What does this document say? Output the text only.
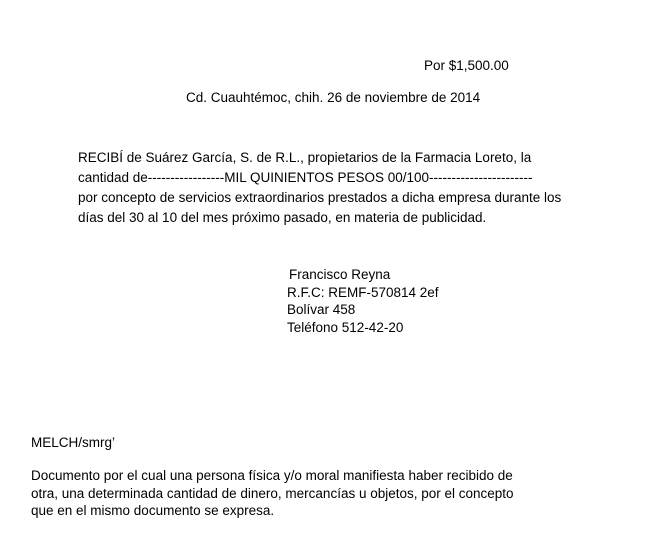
Por $1,500.00
Cd. Cuauhtémoc, chih. 26 de noviembre de 2014
RECIBÍ de Suárez García, S. de R.L., propietarios de la Farmacia Loreto, la
cantidad de-----------------MIL QUINIENTOS PESOS 00/100-----------------------
por concepto de servicios extraordinarios prestados a dicha empresa durante los
días del 30 al 10 del mes próximo pasado, en materia de publicidad.
Francisco Reyna
R.F.C: REMF-570814 2ef
Bolívar 458
Teléfono 512-42-20
MELCH/smrg’
Documento por el cual una persona física y/o moral manifiesta haber recibido de
otra, una determinada cantidad de dinero, mercancías u objetos, por el concepto
que en el mismo documento se expresa.
